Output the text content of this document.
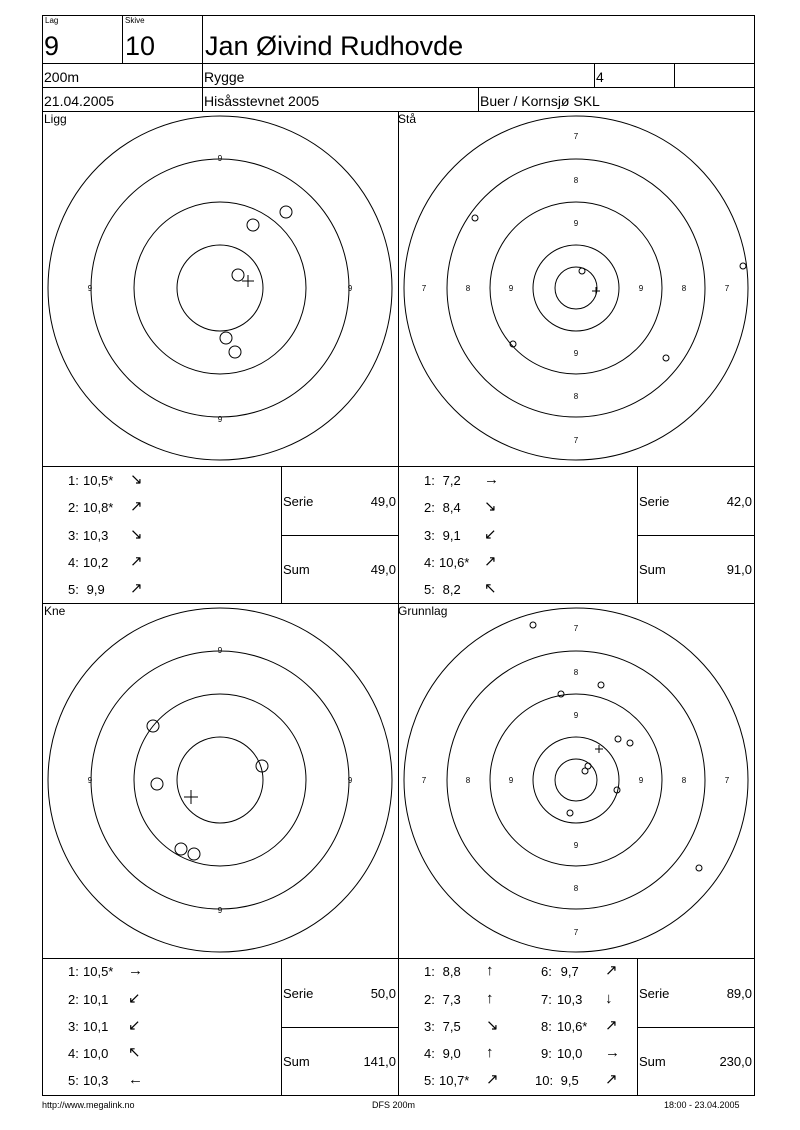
Lag
9
Skive
10 Jan Øivind Rudhovde
200m	Rygge	4
21.04.2005	Hisåsstevnet 2005	Buer / Kornsjø SKL
Ligg
9
9
9	9
Stå
7
8
9
9
8
7
7	8	9	9	8	7
Kne
9
9
9	9
Grunnlag
7
8
9
9
8
7
7	8	9	9	8	7
1: 10,5* ↘
2: 10,8* ↗
3: 10,3 ↘
4: 10,2 ↗
5: 9,9 ↗
Serie	49,0
Sum	49,0
1: 7,2 →
2: 8,4 ↘
3: 9,1 ↙
4: 10,6* ↗
5: 8,2 ↖
Serie	42,0
Sum	91,0
1: 10,5* →
2: 10,1 ↙
3: 10,1 ↙
4: 10,0 ↖
5: 10,3 ←
Serie	50,0
Sum	141,0
1: 8,8 ↑
2: 7,3 ↑
3: 7,5 ↘
4: 9,0 ↑
5: 10,7* ↗
6: 9,7 ↗
7: 10,3 ↓
8: 10,6* ↗
9: 10,0 →
10: 9,5 ↗
Serie	89,0
Sum	230,0
http://www.megalink.no	DFS 200m	18:00 - 23.04.2005
